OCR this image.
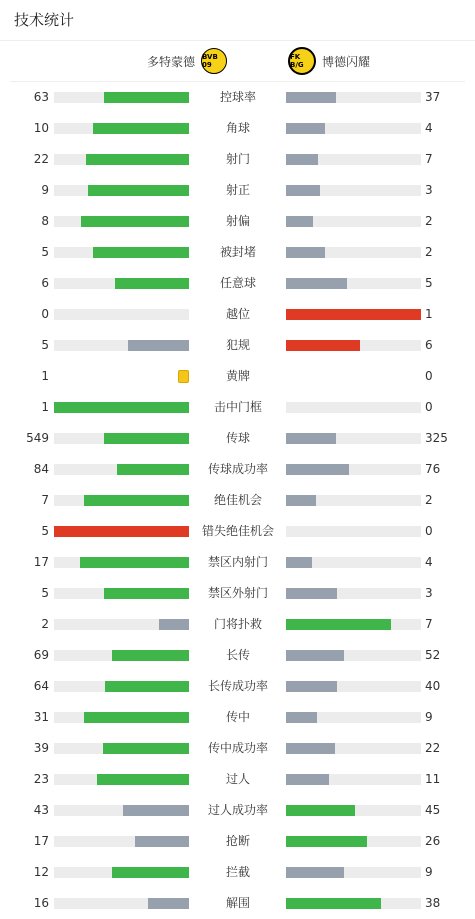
技术统计
多特蒙德 BVB 09
FK B/G	博德闪耀
63	控球率	37
10	角球	4
22	射门	7
9	射正	3
8	射偏	2
5	被封堵	2
6	任意球	5
0	越位	1
5	犯规	6
1	黄牌	0
1	击中门框	0
549	传球	325
84	传球成功率	76
7	绝佳机会	2
5	错失绝佳机会	0
17	禁区内射门	4
5	禁区外射门	3
2	门将扑救	7
69	长传	52
64	长传成功率	40
31	传中	9
39	传中成功率	22
23	过人	11
43	过人成功率	45
17	抢断	26
12	拦截	9
16	解围	38
